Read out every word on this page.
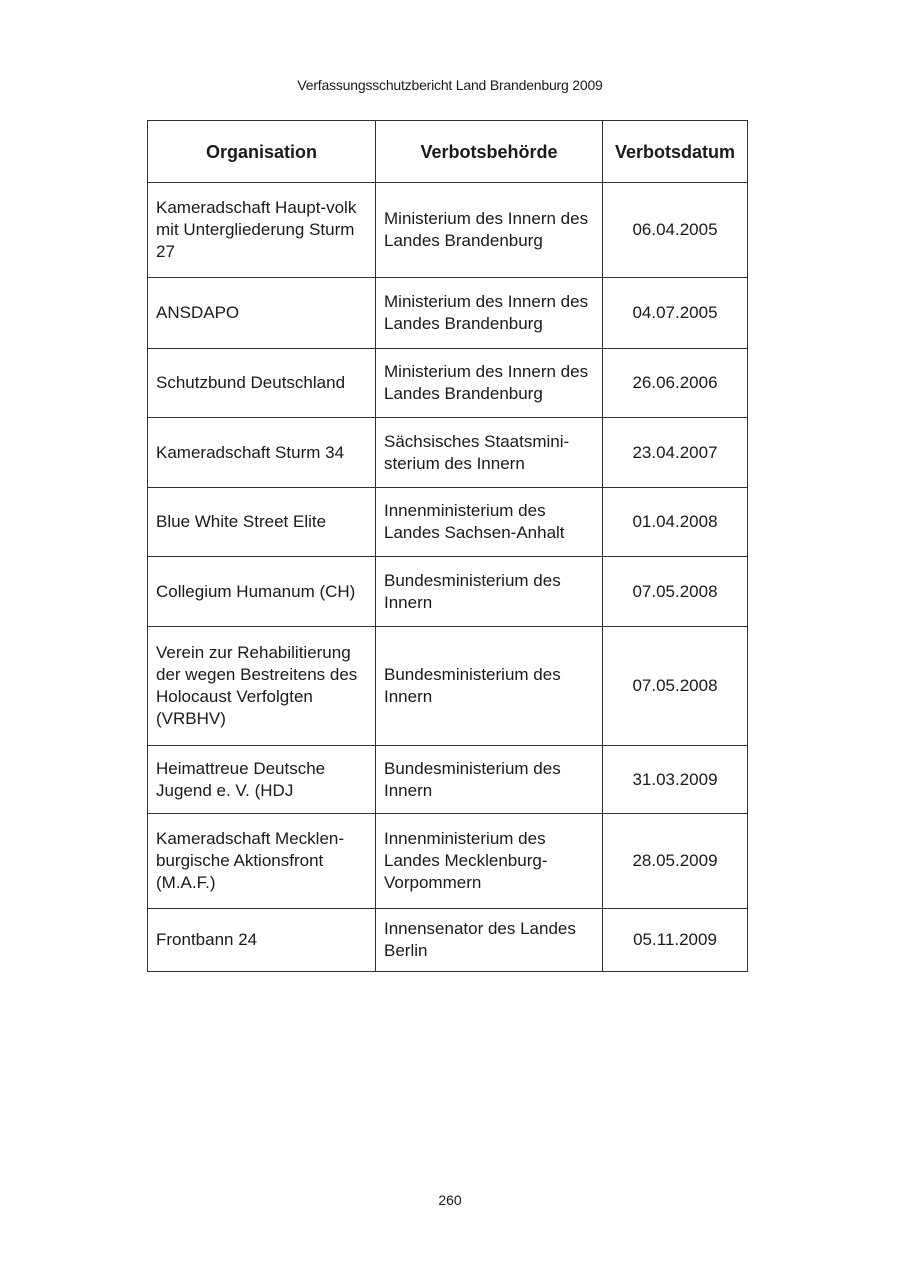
Verfassungsschutzbericht Land Brandenburg 2009
Organisation	Verbotsbehörde	Verbotsdatum
Kameradschaft Haupt-volk mit Untergliederung Sturm 27	Ministerium des Innern des Landes Brandenburg	06.04.2005
ANSDAPO	Ministerium des Innern des Landes Brandenburg	04.07.2005
Schutzbund Deutschland	Ministerium des Innern des Landes Brandenburg	26.06.2006
Kameradschaft Sturm 34	Sächsisches Staatsmini-sterium des Innern	23.04.2007
Blue White Street Elite	Innenministerium des Landes Sachsen-Anhalt	01.04.2008
Collegium Humanum (CH)	Bundesministerium des Innern	07.05.2008
Verein zur Rehabilitierung der wegen Bestreitens des Holocaust Verfolgten (VRBHV)	Bundesministerium des Innern	07.05.2008
Heimattreue Deutsche Jugend e. V. (HDJ	Bundesministerium des Innern	31.03.2009
Kameradschaft Mecklen-burgische Aktionsfront (M.A.F.)	Innenministerium des Landes Mecklenburg-Vorpommern	28.05.2009
Frontbann 24	Innensenator des Landes Berlin	05.11.2009
260
